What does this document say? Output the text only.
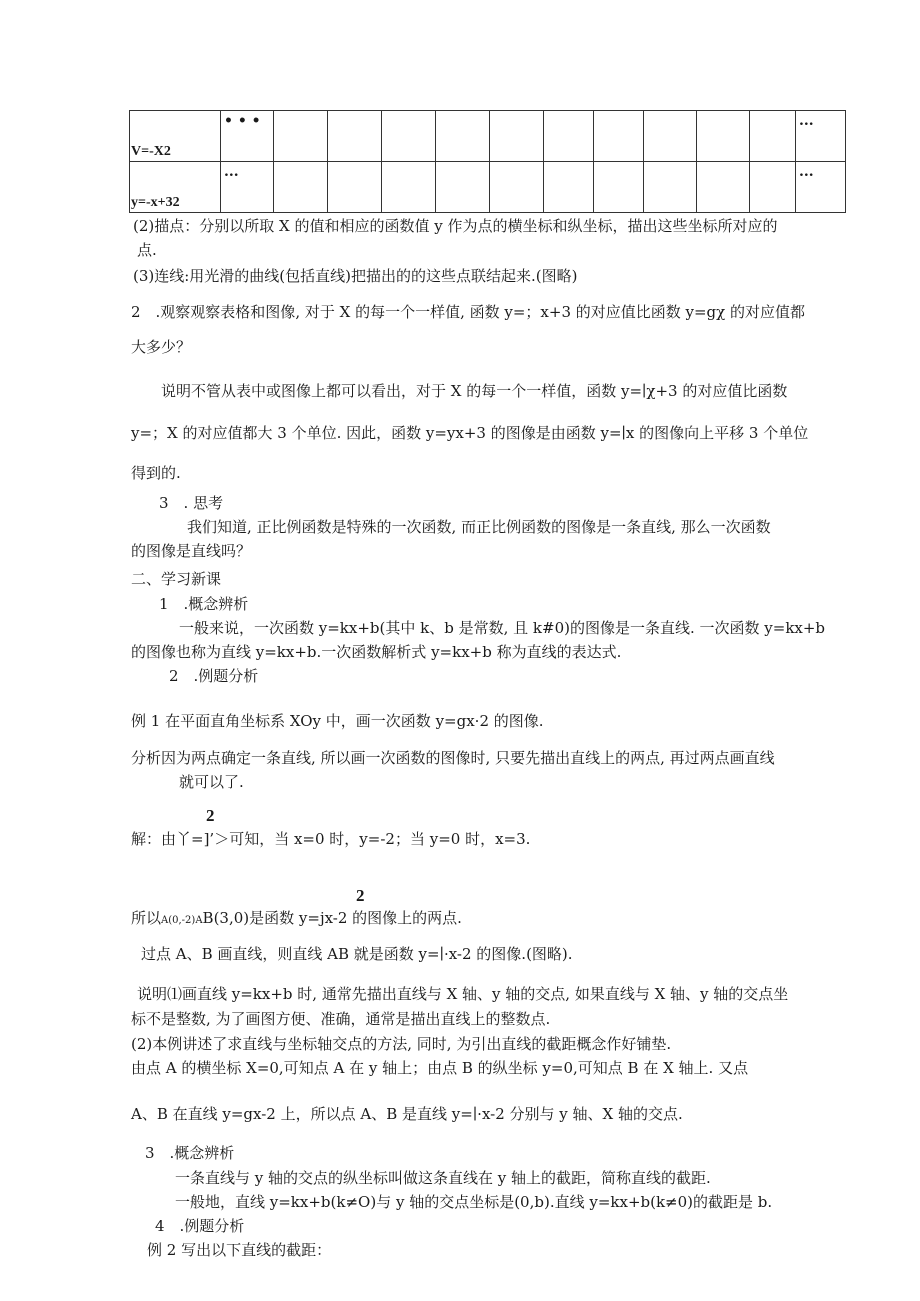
V=-X2	• • •											...

y=-x+32	...											...
(2)描点：分别以所取 X 的值和相应的函数值 y 作为点的横坐标和纵坐标，描出这些坐标所对应的
点.
(3)连线:用光滑的曲线(包括直线)把描出的的这些点联结起来.(图略)
2　.观察观察表格和图像, 对于 X 的每一个一样值, 函数 y=；x+3 的对应值比函数 y=gχ 的对应值都
大多少？
说明不管从表中或图像上都可以看出，对于 X 的每一个一样值，函数 y=∣χ+3 的对应值比函数
y=；X 的对应值都大 3 个单位. 因此，函数 y=yx+3 的图像是由函数 y=∣x 的图像向上平移 3 个单位
得到的.
3　. 思考
我们知道, 正比例函数是特殊的一次函数, 而正比例函数的图像是一条直线, 那么一次函数
的图像是直线吗？
二、学习新课
1　.概念辨析
一般来说，一次函数 y=kx+b(其中 k、b 是常数, 且 k#0)的图像是一条直线. 一次函数 y=kx+b
的图像也称为直线 y=kx+b.一次函数解析式 y=kx+b 称为直线的表达式.
2　.例题分析
例 1 在平面直角坐标系 XOy 中，画一次函数 y=gx·2 的图像.
分析因为两点确定一条直线, 所以画一次函数的图像时, 只要先描出直线上的两点, 再过两点画直线
就可以了.
2
解：由丫=]’＞可知，当 x=0 时，y=-2；当 y=0 时，x=3.
2
所以A(0,-2)AB(3,0)是函数 y=jx-2 的图像上的两点.
过点 A、B 画直线，则直线 AB 就是函数 y=∣·x-2 的图像.(图略).
说明⑴画直线 y=kx+b 时, 通常先描出直线与 X 轴、y 轴的交点, 如果直线与 X 轴、y 轴的交点坐
标不是整数, 为了画图方便、准确，通常是描出直线上的整数点.
(2)本例讲述了求直线与坐标轴交点的方法, 同时, 为引出直线的截距概念作好铺垫.
由点 A 的横坐标 X=0,可知点 A 在 y 轴上；由点 B 的纵坐标 y=0,可知点 B 在 X 轴上. 又点
A、B 在直线 y=gx-2 上，所以点 A、B 是直线 y=∣·x-2 分别与 y 轴、X 轴的交点.
3　.概念辨析
一条直线与 y 轴的交点的纵坐标叫做这条直线在 y 轴上的截距，简称直线的截距.
一般地，直线 y=kx+b(k≠O)与 y 轴的交点坐标是(0,b).直线 y=kx+b(k≠0)的截距是 b.
4　.例题分析
例 2 写出以下直线的截距：
